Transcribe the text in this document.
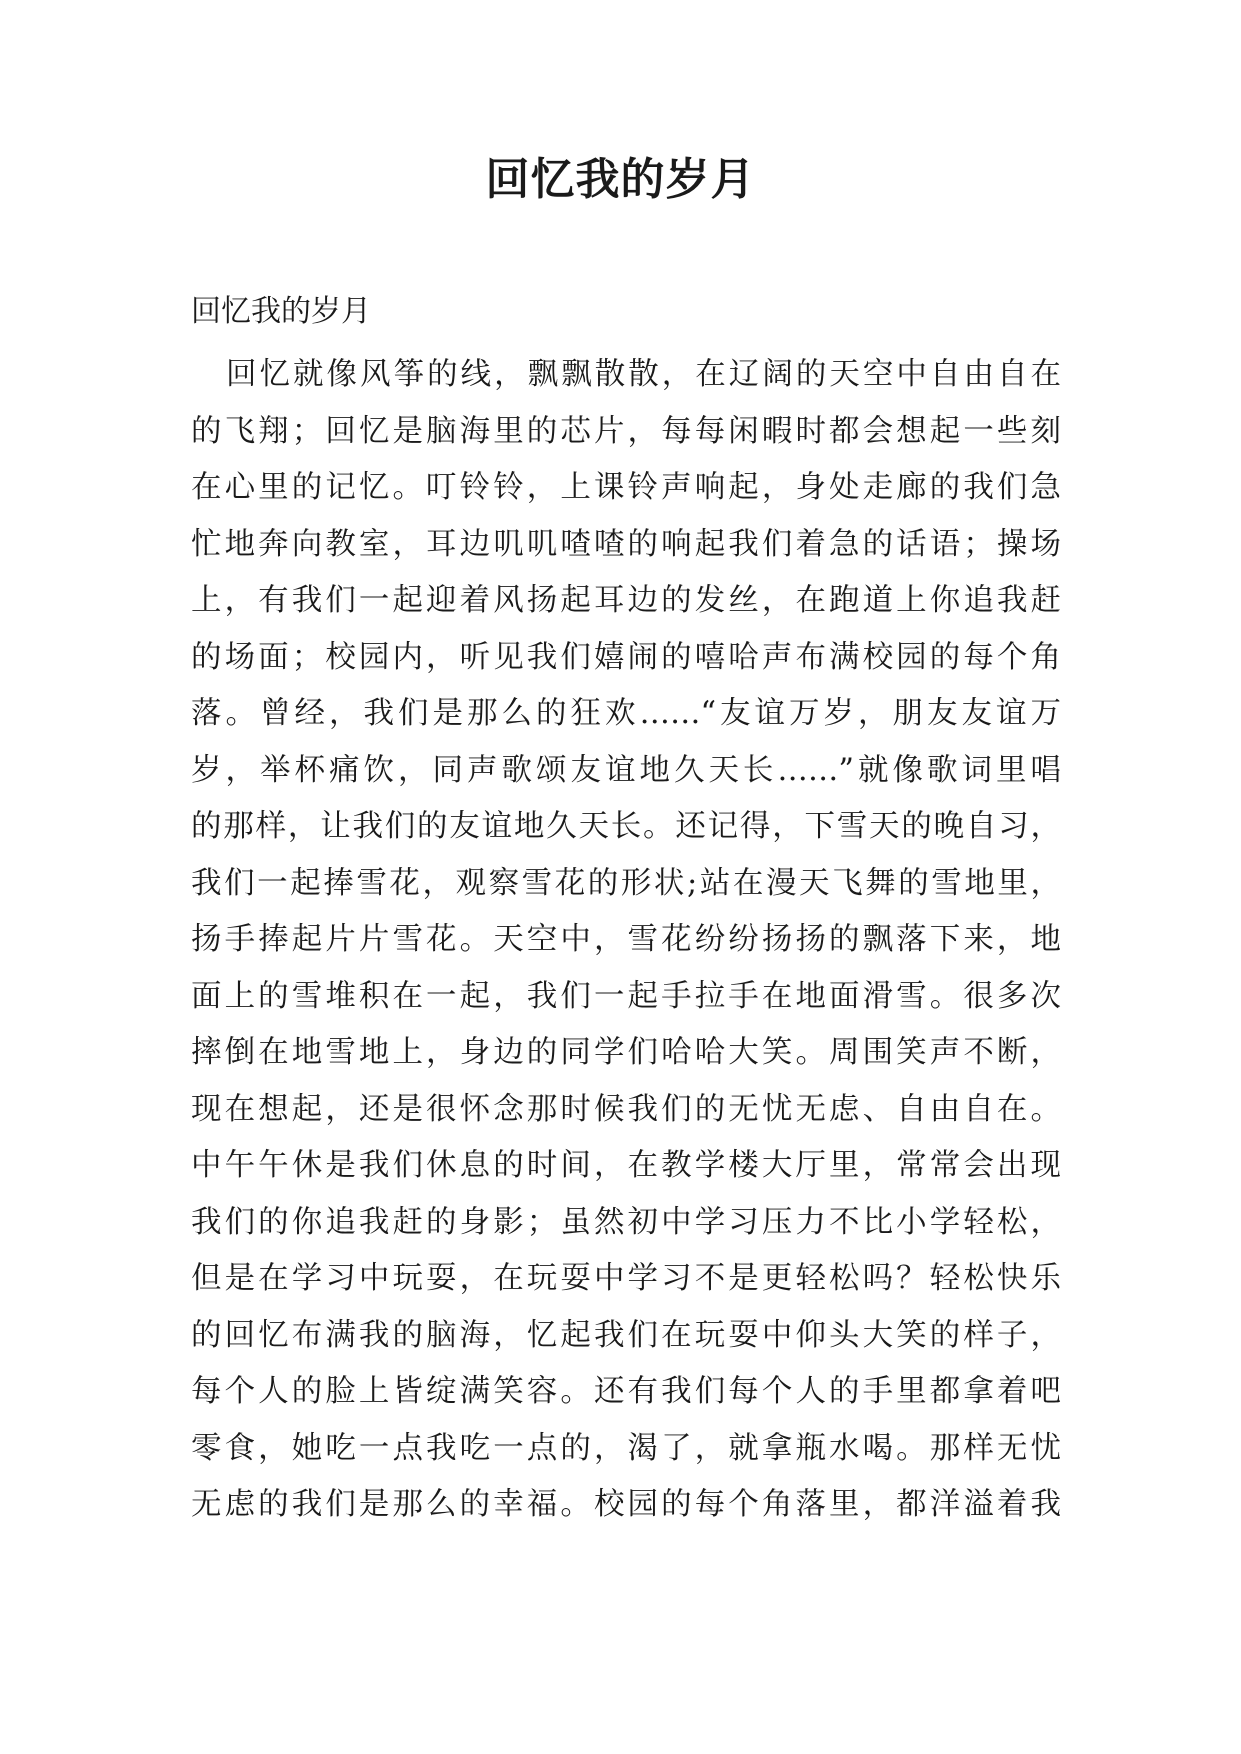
回忆我的岁月

回忆我的岁月

回忆就像风筝的线，飘飘散散，在辽阔的天空中自由自在
的飞翔；回忆是脑海里的芯片，每每闲暇时都会想起一些刻
在心里的记忆。叮铃铃，上课铃声响起，身处走廊的我们急
忙地奔向教室，耳边叽叽喳喳的响起我们着急的话语；操场
上，有我们一起迎着风扬起耳边的发丝，在跑道上你追我赶
的场面；校园内，听见我们嬉闹的嘻哈声布满校园的每个角
落。曾经，我们是那么的狂欢……“友谊万岁，朋友友谊万
岁，举杯痛饮，同声歌颂友谊地久天长……”就像歌词里唱
的那样，让我们的友谊地久天长。还记得，下雪天的晚自习，
我们一起捧雪花，观察雪花的形状;站在漫天飞舞的雪地里，
扬手捧起片片雪花。天空中，雪花纷纷扬扬的飘落下来，地
面上的雪堆积在一起，我们一起手拉手在地面滑雪。很多次
摔倒在地雪地上，身边的同学们哈哈大笑。周围笑声不断，
现在想起，还是很怀念那时候我们的无忧无虑、自由自在。
中午午休是我们休息的时间，在教学楼大厅里，常常会出现
我们的你追我赶的身影；虽然初中学习压力不比小学轻松，
但是在学习中玩耍，在玩耍中学习不是更轻松吗？轻松快乐
的回忆布满我的脑海，忆起我们在玩耍中仰头大笑的样子，
每个人的脸上皆绽满笑容。还有我们每个人的手里都拿着吧
零食，她吃一点我吃一点的，渴了，就拿瓶水喝。那样无忧
无虑的我们是那么的幸福。校园的每个角落里，都洋溢着我
